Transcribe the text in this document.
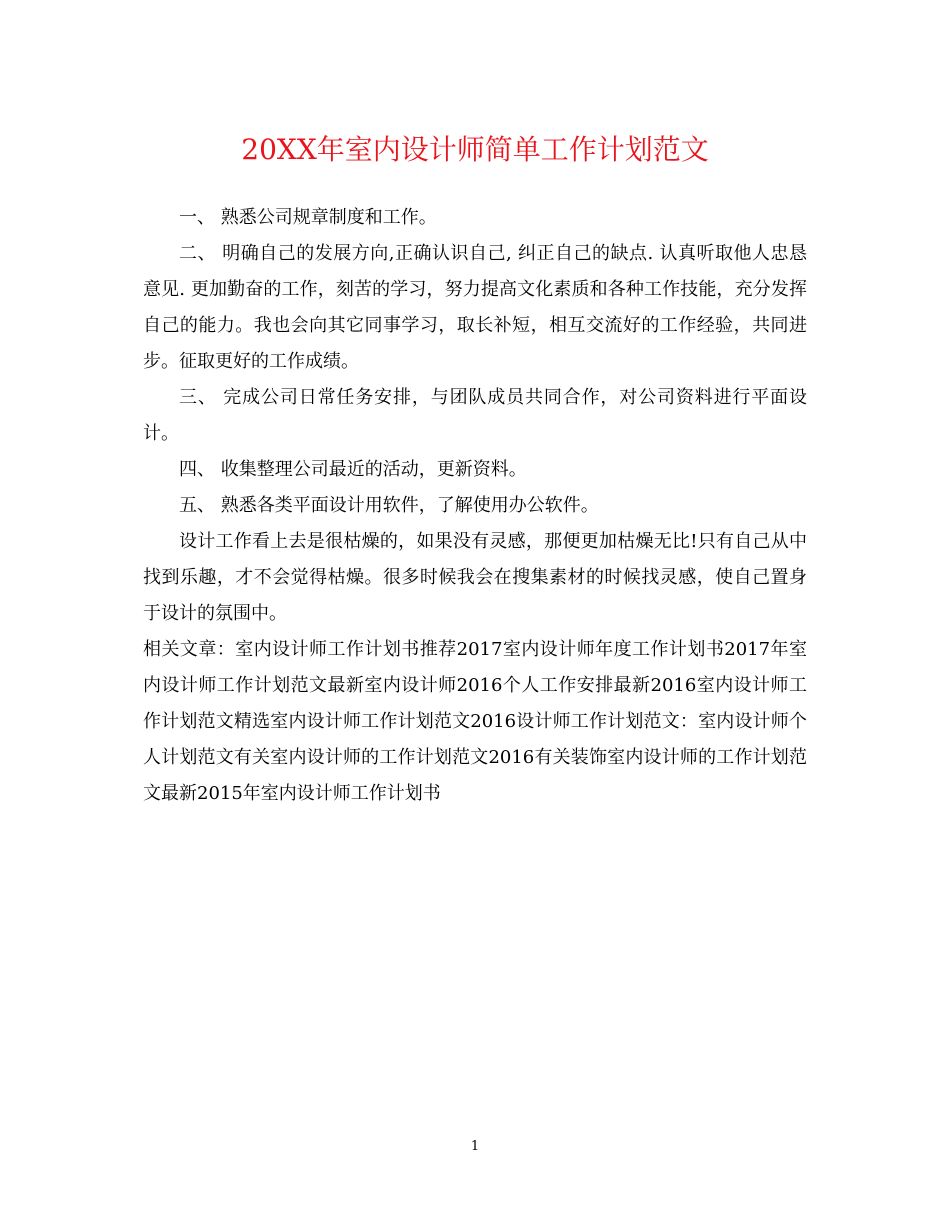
20XX年室内设计师简单工作计划范文

一、 熟悉公司规章制度和工作。

二、 明确自己的发展方向,正确认识自己, 纠正自己的缺点. 认真听取他人忠恳意见. 更加勤奋的工作，刻苦的学习，努力提高文化素质和各种工作技能，充分发挥自己的能力。我也会向其它同事学习，取长补短，相互交流好的工作经验，共同进步。征取更好的工作成绩。

三、 完成公司日常任务安排，与团队成员共同合作，对公司资料进行平面设计。

四、 收集整理公司最近的活动，更新资料。

五、 熟悉各类平面设计用软件，了解使用办公软件。

设计工作看上去是很枯燥的，如果没有灵感，那便更加枯燥无比!只有自己从中找到乐趣，才不会觉得枯燥。很多时候我会在搜集素材的时候找灵感，使自己置身于设计的氛围中。

相关文章：室内设计师工作计划书推荐2017室内设计师年度工作计划书2017年室内设计师工作计划范文最新室内设计师2016个人工作安排最新2016室内设计师工作计划范文精选室内设计师工作计划范文2016设计师工作计划范文：室内设计师个人计划范文有关室内设计师的工作计划范文2016有关装饰室内设计师的工作计划范文最新2015年室内设计师工作计划书

1
